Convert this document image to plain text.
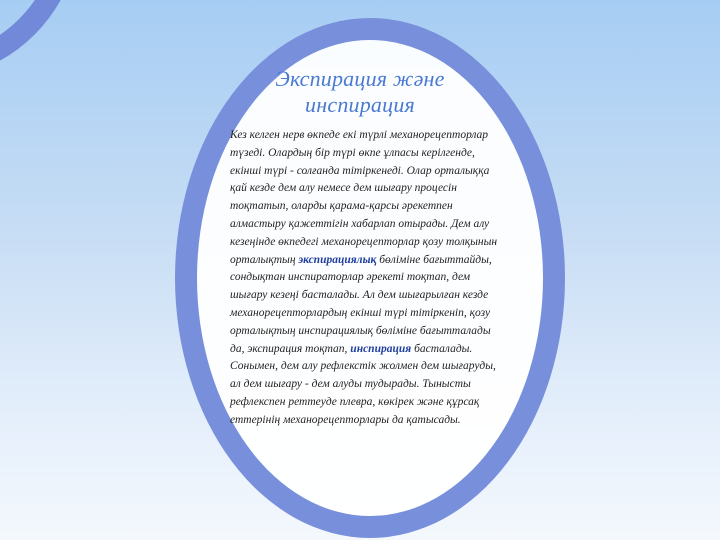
Экспирация және
инспирация
Кез келген нерв өкпеде екі түрлі механорецепторлар
түзеді. Олардың бір түрі өкпе ұлпасы керілгенде,
екінші түрі - солғанда тітіркенеді. Олар орталыққа
қай кезде дем алу немесе дем шығару процесін
тоқтатып, оларды қарама-қарсы әрекетпен
алмастыру қажеттігін хабарлап отырады. Дем алу
кезеңінде өкпедегі механорецепторлар қозу толқынын
орталықтың экспирациялық бөліміне бағыттайды,
сондықтан инспираторлар әрекеті тоқтап, дем
шығару кезеңі басталады. Ал дем шығарылған кезде
механорецепторлардың екінші түрі тітіркеніп, қозу
орталықтың инспирациялық бөліміне бағытталады
да, экспирация тоқтап, инспирация басталады.
Сонымен, дем алу рефлекстік жолмен дем шығаруды,
ал дем шығару - дем алуды тудырады. Тынысты
рефлекспен реттеуде плевра, көкірек және құрсақ
еттерінің механорецепторлары да қатысады.
